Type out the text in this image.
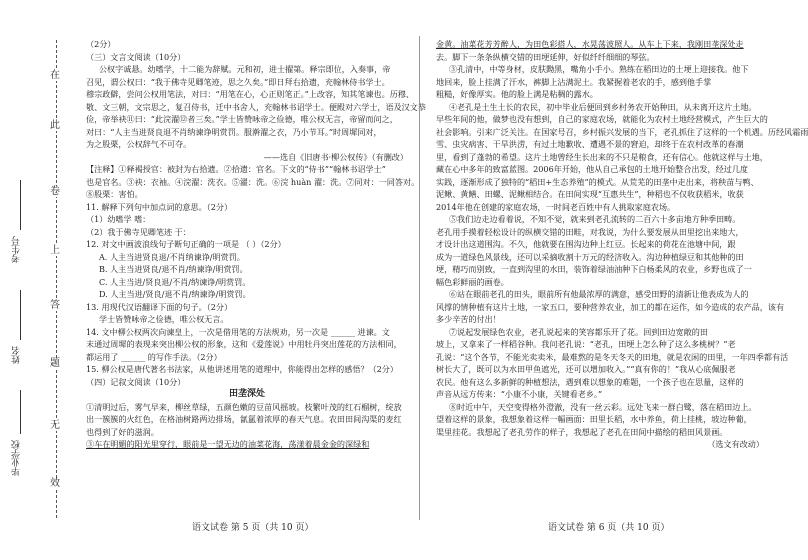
在
此
卷
上
答
题
无
效
考生号
姓名
毕业学校

（2分）

（三）文言文阅读（10分）

公权字诚悬。幼嗜学，十二能为辞赋。元和初，进士擢第。释宗即位，入奏事，帝

召见，谓公权曰：“我于佛寺见卿笔迹，思之久矣。”即日拜右拾遗，充翰林侍书学士。

穆宗政僻，尝问公权用笔法，对曰：“用笔在心，心正则笔正。”上改容，知其笔谏也。历穆、

敬、文三朝，文宗思之，复召侍书，迁中书舍人，充翰林书诏学士。便殿对六学士，语及汉文恭

俭，帝举袂⑪曰：“此浣濯⑫者三矣。”学士皆赞咏帝之俭德，唯公权无言，帝留而问之，

对曰：“人主当进贤良退不肖纳谏诤明赏罚。服澣濯之衣，乃小节耳。”时周墀同对，

为之股栗，公权辞气不可夺。

——选自《旧唐书·柳公权传》（有删改）

【注释】①释褐授官：被封为右拾遗。②拾遗：官名。下文的“侍书”“翰林书诏学士”

也是官名。③袂：衣袖。④浣濯：洗衣。⑤濯：洗。⑥浣 huàn 濯：洗。⑦同对：一同答对。

⑧股栗：害怕。

11. 解释下列句中加点词的意思。（2分）

（1）幼嗜学 嗜：

（2）我于佛寺见卿笔迹 于：

12. 对文中画波浪线句子断句正确的一项是 （ ）（2分）

A. 人主当进贤良退/不肖纳谏诤/明赏罚。

B. 人主当进贤良/退不肖/纳谏诤/明赏罚。

C. 人主当进/贤良退/不肖/纳谏诤/明赏罚。

D. 人主当进/贤良/退不肖/纳谏诤/明赏罚。

13. 用现代汉语翻译下面的句子。（2分）

学士皆赞咏帝之俭德，唯公权无言。

14. 文中柳公权两次向谏皇上，一次是借用笔的方法规劝，另一次是 ______ 进谏。文

末通过周墀的表现来突出柳公权的形象，这和《爱莲说》中用牡丹突出莲花的方法相同，

都运用了 ______ 的写作手法。（2分）

15. 柳公权是唐代著名书法家，从他讲述用笔的道理中，你能得出怎样的感悟？（2分）

（四）记叙文阅读（10分）

田垄深处

①清明过后，雾气早来，柳丝草绿，五颜色嫩的豆苗风摇坡。枝繁叶茂的红石榴树，绽放

出一簇簇的火红色，在格油树路两边排场，氤氲着浓厚的春天气息。农田田间沟渠的麦红

也得到了好的滋润。

③车在明媚的阳光里穿行，眼前是一望无边的油菜花海，荡漾着晨金金的深绿和

金黄。油菜花芳芳醉人，为田色彩搭人，水晃荡波照人。从车上下来，我刚田垄深处走

去。脚下一条条纵横交错的田埂延伸，好似纤纤细细的琴弦。

③孔清中，中等身材，皮肤黝黑，嘴角小手小。熟练在稻田边的土埂上迎接我。他下

地回来，脸上挂满了汗水，裤脚上沾满泥土。我紧握着老农的手，感到他手掌

粗糙，好像厚实。他的脸上满是粘稠的露水。

④老孔是土生土长的农民，初中毕业后便回到乡村务农开始种田，从未离开这片土地。

早些年间的他，做梦也没有想到，自己的家庭农场，就能化为农村土地经营模式，产生巨大的

社会影响。引来广泛关注。在国家号召，乡村振兴发展的当下，老孔抓住了这样的一个机遇。历经风霜雨

雪、虫灾病害、干旱洪涝，有过土地歉收、遭遇不景的窘迫，却终于在农村改革的春潮

里，看到了蓬勃的希望。这片土地曾经生长出来的不只是粮食，还有信心。他就这样与土地，

藏在心中多年的致富蓝图。2006年开始，他从自己承包的土地开始整合出发，经过几度

实践，逐渐形成了独特的“稻田+生态养殖”的模式。从荒芜的田垄中走出来，将秧苗与鸭、

泥鳅、黄鳝、田螺、泥鳅相结合。在田间实现“互惠共生”，种稻也不仅收获稻米，收获

2014年他在创建的家庭农场，一时间老百姓中有人挑取家庭农场。

⑤我们边走边看着说，不知不觉，就来到老孔流转的二百六十多亩地方种季田畴。

老孔用手摸着轻松设计的纵横交错的田畦，对我说，为什么要发展从田里挖出来地大，

才设计出这道围沟。不久，他就要在围沟边种上红豆。长起来的荷花在池塘中间，跟

成为一道绿色风景线，还可以采摘收割十万元的经济收入。沟边种植绿豆和其他种的田

埂，精巧而别致，一直到沟里的水田，装饰着绿油油种下白杨柔风的农业，乡野也成了一

幅色彩鲜丽的画卷。

⑥站在眼前老孔的田头，眼前所有他最浓厚的满意，感受田野的清新让他表成为人的

风撑的情种植有这片土地，一家五口，要种营养农业，加工的都在运作，如今造成的农产品，该有

多少辛苦的付出！

⑦说起发展绿色农业，老孔说起来的笑容都乐开了花。回到田边宽敞的田

坡上，又拿来了一样稻谷种。我问老孔说：“老孔，田埂上怎么种了这么多桃树？”老

孔说：“这个各节，不能光卖卖米，最难熬的是冬天冬天的田地，就是农闲的田里，一年四季都有活

树长大了，既可以为水田甲鱼遮光，还可以增加收入。”“真有你的！”我从心底佩服老

农民。他有这么多新鲜的种植想法，遇到难以想象的难题，一个孩子也在思量，这样的

声音从远方传来：“小康不小康，关键看老乡。”

⑧时近中午，天空变得格外澄澈，没有一丝云彩。远处飞来一群白鹭，落在稻田边上。

望着这样的景象，我想象着这样一幅画面：田里长稻，水中养鱼，荷上挂桃，坡边种葡，

渠里挂花。我想起了老孔劳作的样子，我想起了老孔在田间中描绘的稻田风景画。

（选文有改动）

语文试卷 第 5 页（共 10 页）	语文试卷 第 6 页（共 10 页）
